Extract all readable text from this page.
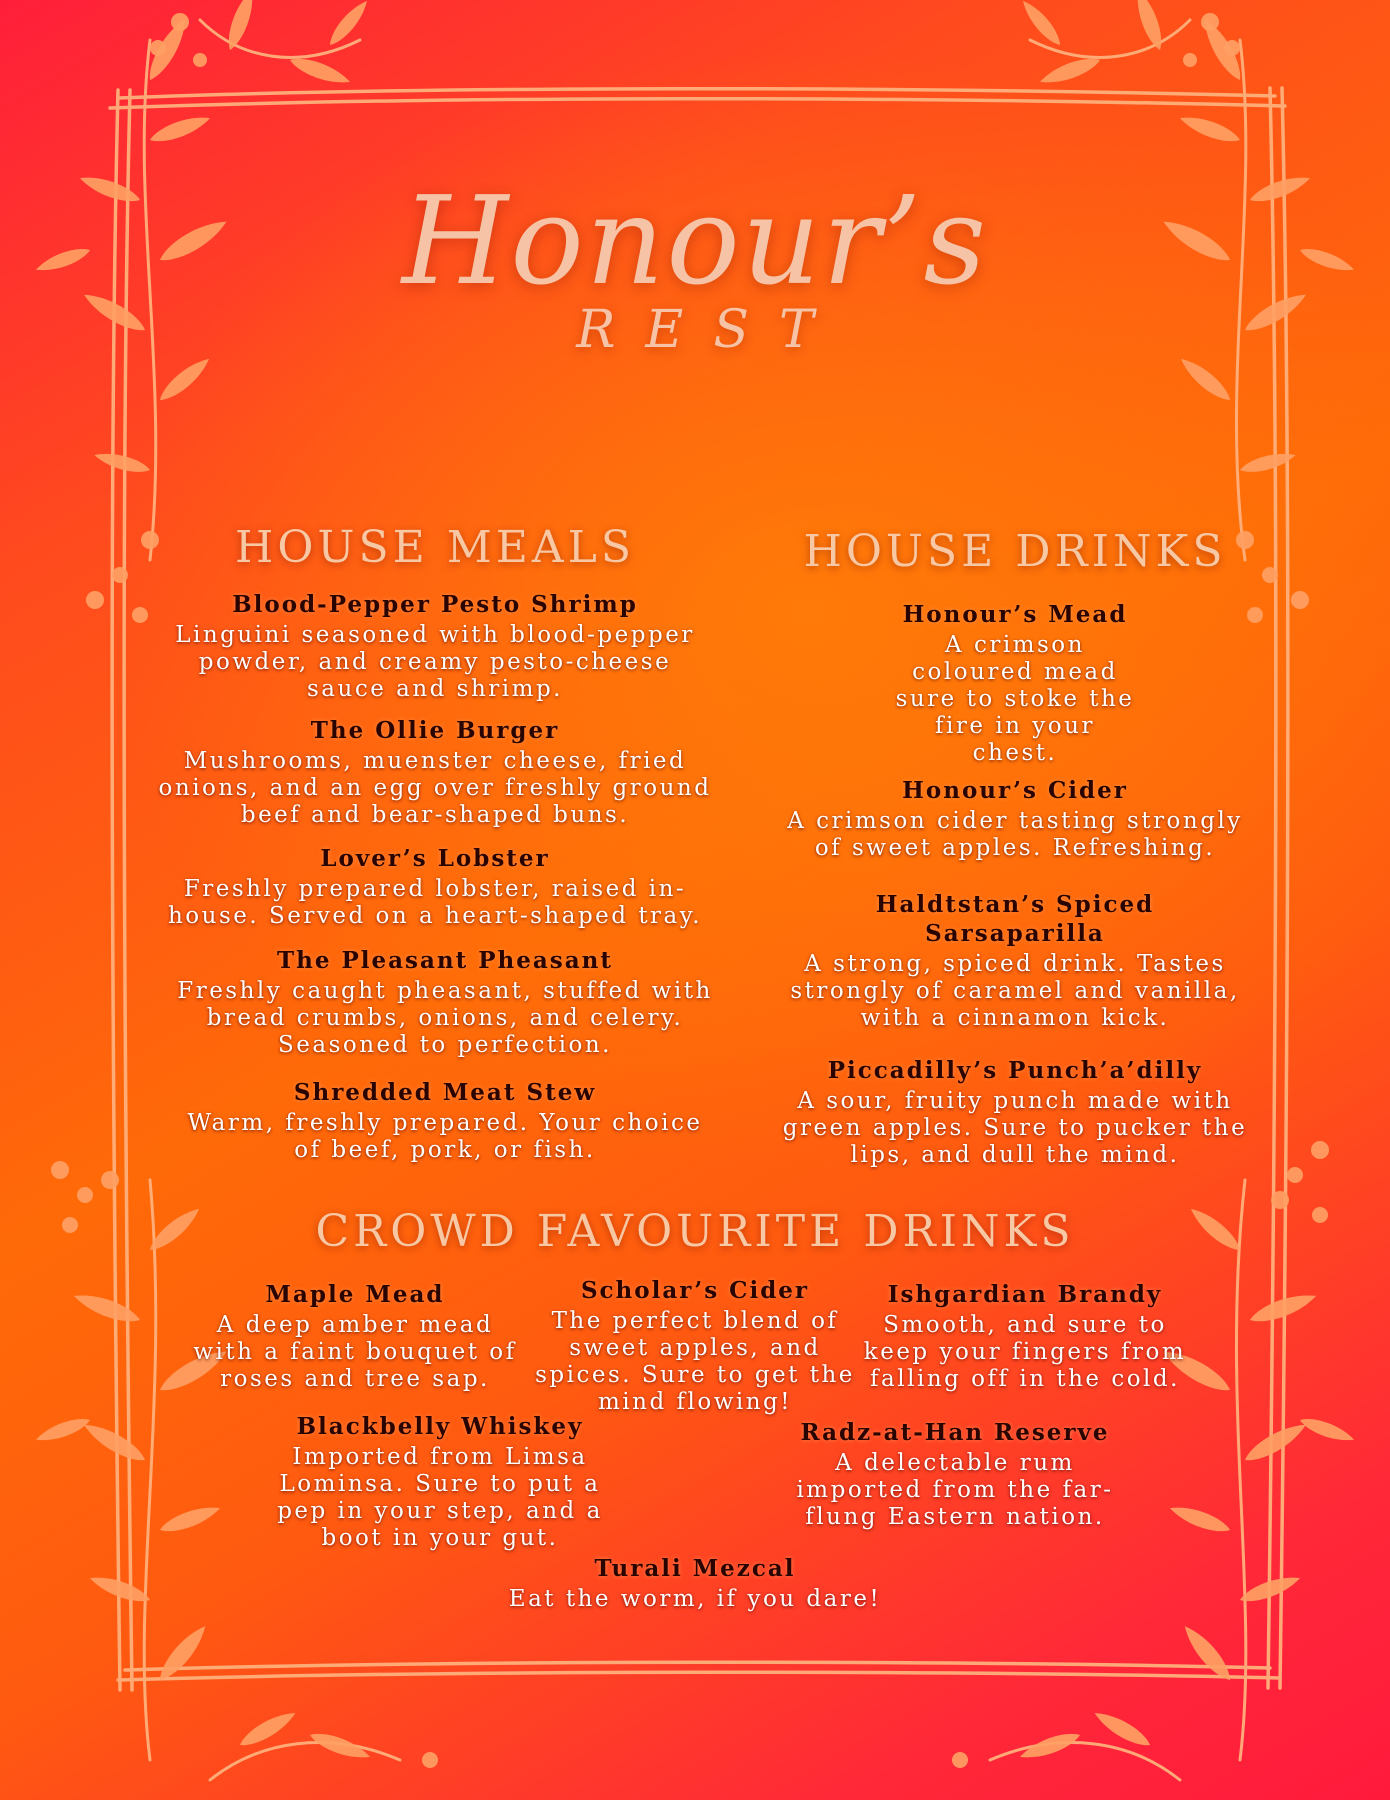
Honour’s
REST
HOUSE MEALS
Blood-Pepper Pesto Shrimp
Linguini seasoned with blood-pepper
powder, and creamy pesto-cheese
sauce and shrimp.
The Ollie Burger
Mushrooms, muenster cheese, fried
onions, and an egg over freshly ground
beef and bear-shaped buns.
Lover’s Lobster
Freshly prepared lobster, raised in-
house. Served on a heart-shaped tray.
The Pleasant Pheasant
Freshly caught pheasant, stuffed with
bread crumbs, onions, and celery.
Seasoned to perfection.
Shredded Meat Stew
Warm, freshly prepared. Your choice
of beef, pork, or fish.
HOUSE DRINKS
Honour’s Mead
A crimson
coloured mead
sure to stoke the
fire in your
chest.
Honour’s Cider
A crimson cider tasting strongly
of sweet apples. Refreshing.
Haldtstan’s Spiced
Sarsaparilla
A strong, spiced drink. Tastes
strongly of caramel and vanilla,
with a cinnamon kick.
Piccadilly’s Punch’a’dilly
A sour, fruity punch made with
green apples. Sure to pucker the
lips, and dull the mind.
CROWD FAVOURITE DRINKS
Maple Mead
A deep amber mead
with a faint bouquet of
roses and tree sap.
Scholar’s Cider
The perfect blend of
sweet apples, and
spices. Sure to get the
mind flowing!
Ishgardian Brandy
Smooth, and sure to
keep your fingers from
falling off in the cold.
Blackbelly Whiskey
Imported from Limsa
Lominsa. Sure to put a
pep in your step, and a
boot in your gut.
Radz-at-Han Reserve
A delectable rum
imported from the far-
flung Eastern nation.
Turali Mezcal
Eat the worm, if you dare!
